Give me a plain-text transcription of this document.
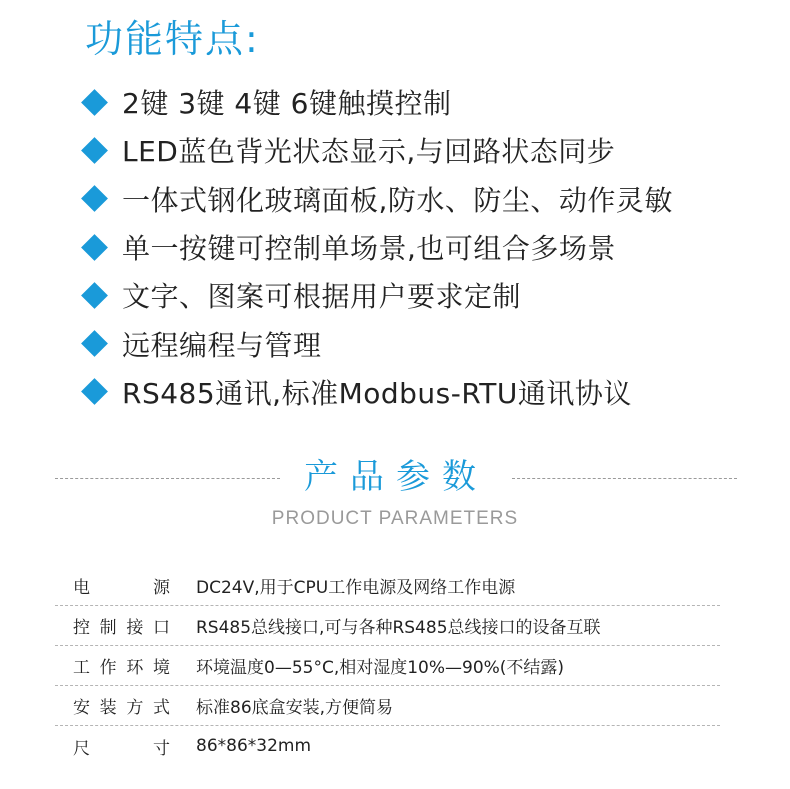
功能特点:
2键 3键 4键 6键触摸控制
LED蓝色背光状态显示,与回路状态同步
一体式钢化玻璃面板,防水、防尘、动作灵敏
单一按键可控制单场景,也可组合多场景
文字、图案可根据用户要求定制
远程编程与管理
RS485通讯,标准Modbus-RTU通讯协议
产品参数
PRODUCT PARAMETERS
电源 DC24V,用于CPU工作电源及网络工作电源
控制接口 RS485总线接口,可与各种RS485总线接口的设备互联
工作环境 环境温度0—55°C,相对湿度10%—90%(不结露)
安装方式 标准86底盒安装,方便简易
尺寸 86*86*32mm
